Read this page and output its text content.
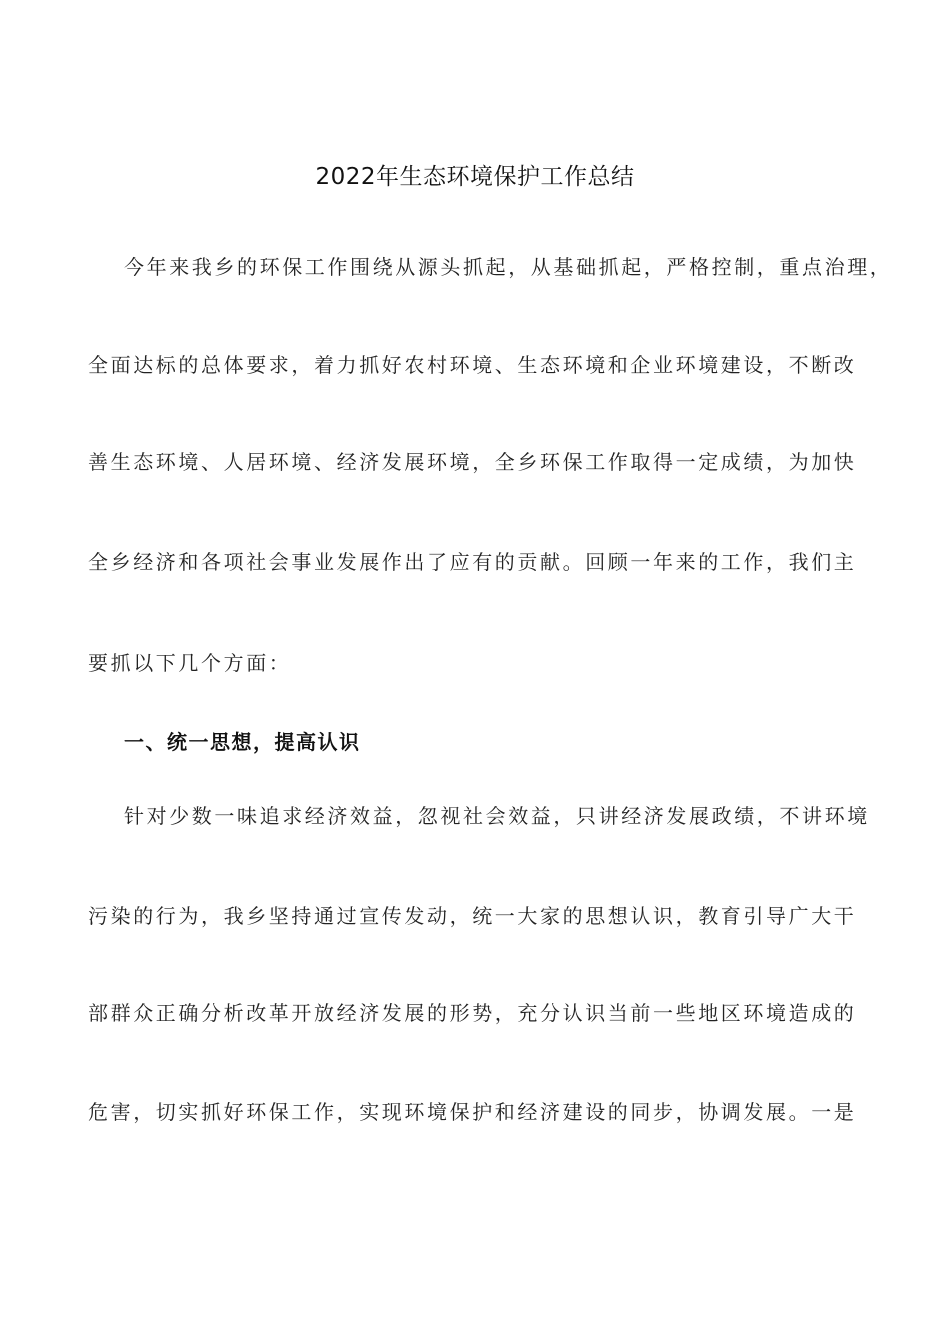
2022年生态环境保护工作总结
今年来我乡的环保工作围绕从源头抓起，从基础抓起，严格控制，重点治理，
全面达标的总体要求，着力抓好农村环境、生态环境和企业环境建设，不断改
善生态环境、人居环境、经济发展环境，全乡环保工作取得一定成绩，为加快
全乡经济和各项社会事业发展作出了应有的贡献。回顾一年来的工作，我们主
要抓以下几个方面：
一、统一思想，提高认识
针对少数一味追求经济效益，忽视社会效益，只讲经济发展政绩，不讲环境
污染的行为，我乡坚持通过宣传发动，统一大家的思想认识，教育引导广大干
部群众正确分析改革开放经济发展的形势，充分认识当前一些地区环境造成的
危害，切实抓好环保工作，实现环境保护和经济建设的同步，协调发展。一是
